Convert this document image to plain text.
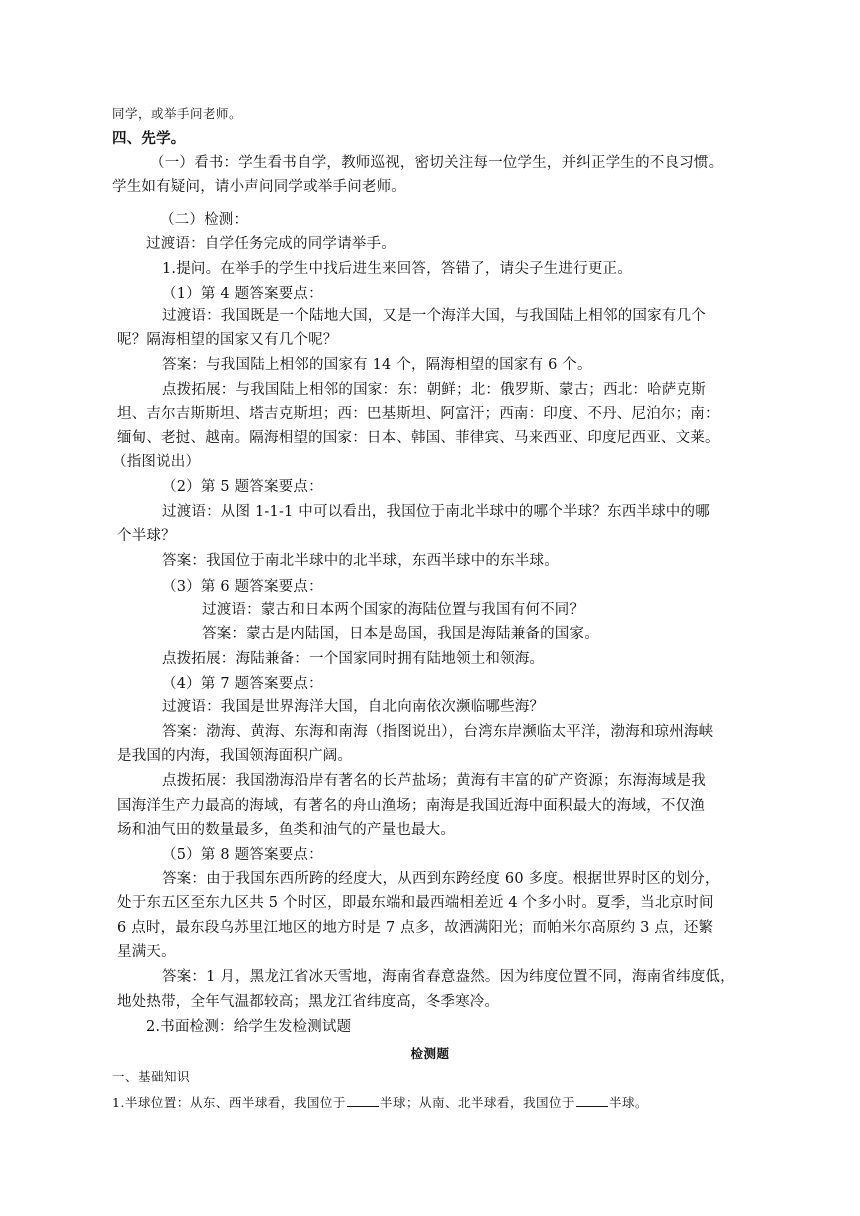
同学，或举手问老师。
四、先学。
（一）看书：学生看书自学，教师巡视，密切关注每一位学生，并纠正学生的不良习惯。
学生如有疑问，请小声问同学或举手问老师。
（二）检测：
过渡语：自学任务完成的同学请举手。
1.提问。在举手的学生中找后进生来回答，答错了，请尖子生进行更正。
（1）第 4 题答案要点：
过渡语：我国既是一个陆地大国，又是一个海洋大国，与我国陆上相邻的国家有几个
呢？隔海相望的国家又有几个呢？
答案：与我国陆上相邻的国家有 14 个，隔海相望的国家有 6 个。
点拨拓展：与我国陆上相邻的国家：东：朝鲜；北：俄罗斯、蒙古；西北：哈萨克斯
坦、吉尔吉斯斯坦、塔吉克斯坦；西：巴基斯坦、阿富汗；西南：印度、不丹、尼泊尔；南：
缅甸、老挝、越南。隔海相望的国家：日本、韩国、菲律宾、马来西亚、印度尼西亚、文莱。
（指图说出）
（2）第 5 题答案要点：
过渡语：从图 1-1-1 中可以看出，我国位于南北半球中的哪个半球？东西半球中的哪
个半球？
答案：我国位于南北半球中的北半球，东西半球中的东半球。
（3）第 6 题答案要点：
过渡语：蒙古和日本两个国家的海陆位置与我国有何不同？
答案：蒙古是内陆国，日本是岛国，我国是海陆兼备的国家。
点拨拓展：海陆兼备：一个国家同时拥有陆地领土和领海。
（4）第 7 题答案要点：
过渡语：我国是世界海洋大国，自北向南依次濒临哪些海？
答案：渤海、黄海、东海和南海（指图说出），台湾东岸濒临太平洋，渤海和琼州海峡
是我国的内海，我国领海面积广阔。
点拨拓展：我国渤海沿岸有著名的长芦盐场；黄海有丰富的矿产资源；东海海域是我
国海洋生产力最高的海域，有著名的舟山渔场；南海是我国近海中面积最大的海域，不仅渔
场和油气田的数量最多，鱼类和油气的产量也最大。
（5）第 8 题答案要点：
答案：由于我国东西所跨的经度大，从西到东跨经度 60 多度。根据世界时区的划分，
处于东五区至东九区共 5 个时区，即最东端和最西端相差近 4 个多小时。夏季，当北京时间
6 点时，最东段乌苏里江地区的地方时是 7 点多，故洒满阳光；而帕米尔高原约 3 点，还繁
星满天。
答案：1 月，黑龙江省冰天雪地，海南省春意盎然。因为纬度位置不同，海南省纬度低，
地处热带，全年气温都较高；黑龙江省纬度高，冬季寒冷。
2.书面检测：给学生发检测试题
检测题
一、基础知识
1.半球位置：从东、西半球看，我国位于	半球；从南、北半球看，我国位于	半球。
